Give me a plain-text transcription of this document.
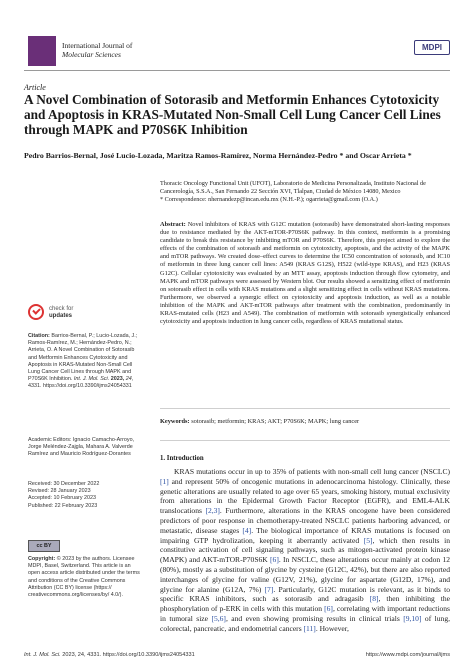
International Journal of
Molecular Sciences
MDPI
Article
A Novel Combination of Sotorasib and Metformin Enhances Cytotoxicity and Apoptosis in KRAS-Mutated Non-Small Cell Lung Cancer Cell Lines through MAPK and P70S6K Inhibition
Pedro Barrios-Bernal, José Lucio-Lozada, Maritza Ramos-Ramírez, Norma Hernández-Pedro * and Oscar Arrieta *
Thoracic Oncology Functional Unit (UFOT), Laboratorio de Medicina Personalizada, Instituto Nacional de Cancerología, S.S.A., San Fernando 22 Sección XVI, Tlalpan, Ciudad de México 14080, Mexico
* Correspondence: nhernandezp@incan.edu.mx (N.H.-P.); ogarrieta@gmail.com (O.A.)
Abstract: Novel inhibitors of KRAS with G12C mutation (sotorasib) have demonstrated short-lasting responses due to resistance mediated by the AKT-mTOR-P70S6K pathway. In this context, metformin is a promising candidate to break this resistance by inhibiting mTOR and P70S6K. Therefore, this project aimed to explore the effects of the combination of sotorasib and metformin on cytotoxicity, apoptosis, and the activity of the MAPK and mTOR pathways. We created dose–effect curves to determine the IC50 concentration of sotorasib, and IC10 of metformin in three lung cancer cell lines: A549 (KRAS G12S), H522 (wild-type KRAS), and H23 (KRAS G12C). Cellular cytotoxicity was evaluated by an MTT assay, apoptosis induction through flow cytometry, and MAPK and mTOR pathways were assessed by Western blot. Our results showed a sensitizing effect of metformin on sotorasib effect in cells with KRAS mutations and a slight sensitizing effect in cells without KRAS mutations. Furthermore, we observed a synergic effect on cytotoxicity and apoptosis induction, as well as a notable inhibition of the MAPK and AKT-mTOR pathways after treatment with the combination, predominantly in KRAS-mutated cells (H23 and A549). The combination of metformin with sotorasib synergistically enhanced cytotoxicity and apoptosis induction in lung cancer cells, regardless of KRAS mutational status.
Keywords: sotorasib; metformin; KRAS; AKT; P70S6K; MAPK; lung cancer
check for
updates
Citation: Barrios-Bernal, P.; Lucio-Lozada, J.; Ramos-Ramírez, M.; Hernández-Pedro, N.; Arrieta, O. A Novel Combination of Sotorasib and Metformin Enhances Cytotoxicity and Apoptosis in KRAS-Mutated Non-Small Cell Lung Cancer Cell Lines through MAPK and P70S6K Inhibition. Int. J. Mol. Sci. 2023, 24, 4331. https://doi.org/10.3390/ijms24054331
Academic Editors: Ignacio Camacho-Arroyo, Jorge Meléndez-Zajgla, Mahara A. Valverde Ramírez and Mauricio Rodríguez-Dorantes
Received: 30 December 2022
Revised: 28 January 2023
Accepted: 10 February 2023
Published: 22 February 2023
cc BY
Copyright: © 2023 by the authors. Licensee MDPI, Basel, Switzerland. This article is an open access article distributed under the terms and conditions of the Creative Commons Attribution (CC BY) license (https:// creativecommons.org/licenses/by/ 4.0/).
1. Introduction

KRAS mutations occur in up to 35% of patients with non-small cell lung cancer (NSCLC) [1] and represent 50% of oncogenic mutations in adenocarcinoma histology. Clinically, these genetic alterations are usually related to age over 65 years, smoking history, mutual exclusivity from alterations in the Epidermal Growth Factor Receptor (EGFR), and EML4-ALK translocations [2,3]. Furthermore, alterations in the KRAS oncogene have been considered predictors of poor response in chemotherapy-treated NSCLC patients harboring advanced, or metastatic, disease stages [4]. The biological importance of KRAS mutations is focused on impairing GTP hydrolization, keeping it aberrantly activated [5], which then results in constitutive activation of cell signaling pathways, such as mitogen-activated protein kinase (MAPK) and AKT-mTOR-P70S6K [6]. In NSCLC, these alterations occur mainly at codon 12 (80%), mostly as a substitution of glycine by cysteine (G12C, 42%), but there are also reported interchanges of glycine for valine (G12V, 21%), glycine for aspartate (G12D, 17%), and glycine for alanine (G12A, 7%) [7]. Particularly, G12C mutation is relevant, as it binds to specific KRAS inhibitors, such as sotorasib and adragasib [8], then inhibiting the phosphorylation of p-ERK in cells with this mutation [6], correlating with important reductions in tumoral size [5,6], and even showing promising results in clinical trials [9,10] of lung, colorectal, pancreatic, and endometrial cancers [11]. However,

Int. J. Mol. Sci. 2023, 24, 4331. https://doi.org/10.3390/ijms24054331	https://www.mdpi.com/journal/ijms
